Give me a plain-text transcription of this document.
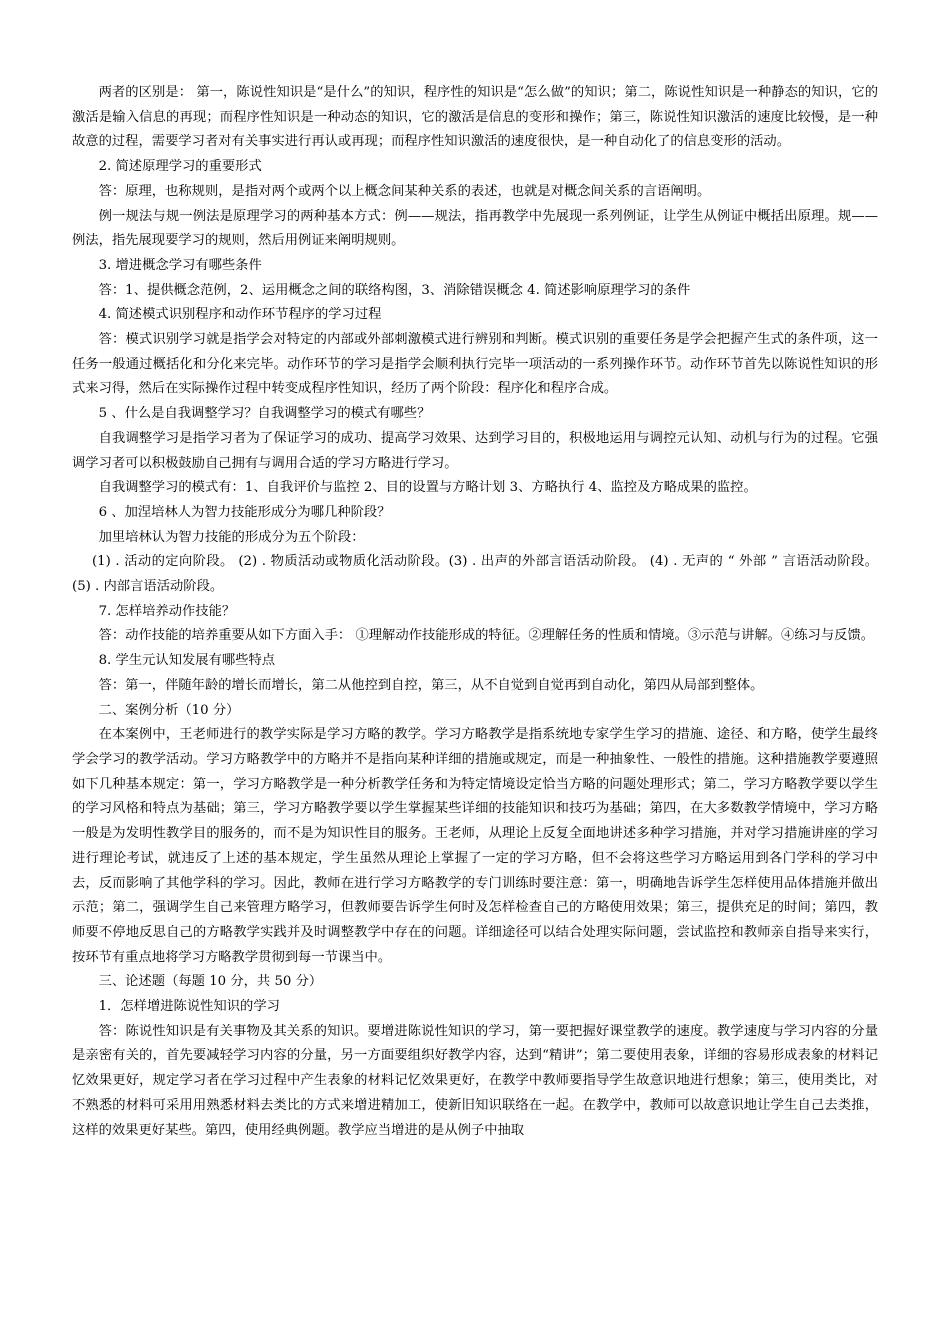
两者的区别是： 第一，陈说性知识是“是什么”的知识，程序性的知识是“怎么做”的知识；第二，陈说性知识是一种静态的知识，它的激活是输入信息的再现；而程序性知识是一种动态的知识，它的激活是信息的变形和操作；第三，陈说性知识激活的速度比较慢，是一种故意的过程，需要学习者对有关事实进行再认或再现；而程序性知识激活的速度很快，是一种自动化了的信息变形的活动。

2. 简述原理学习的重要形式

答：原理，也称规则，是指对两个或两个以上概念间某种关系的表述，也就是对概念间关系的言语阐明。

例一规法与规一例法是原理学习的两种基本方式：例——规法，指再教学中先展现一系列例证，让学生从例证中概括出原理。规——例法，指先展现要学习的规则，然后用例证来阐明规则。

3. 增进概念学习有哪些条件

答：1、提供概念范例，2、运用概念之间的联络构图，3、消除错误概念 4. 简述影响原理学习的条件

4. 简述模式识别程序和动作环节程序的学习过程

答：模式识别学习就是指学会对特定的内部或外部刺激模式进行辨别和判断。模式识别的重要任务是学会把握产生式的条件项，这一任务一般通过概括化和分化来完毕。动作环节的学习是指学会顺利执行完毕一项活动的一系列操作环节。动作环节首先以陈说性知识的形式来习得，然后在实际操作过程中转变成程序性知识，经历了两个阶段：程序化和程序合成。

5 、什么是自我调整学习？自我调整学习的模式有哪些？

自我调整学习是指学习者为了保证学习的成功、提高学习效果、达到学习目的，积极地运用与调控元认知、动机与行为的过程。它强调学习者可以积极鼓励自己拥有与调用合适的学习方略进行学习。

自我调整学习的模式有：1、自我评价与监控 2、目的设置与方略计划 3、方略执行 4、监控及方略成果的监控。

6 、加涅培林人为智力技能形成分为哪几种阶段？

加里培林认为智力技能的形成分为五个阶段：

(1) . 活动的定向阶段。 (2) . 物质活动或物质化活动阶段。(3) . 出声的外部言语活动阶段。 (4) . 无声的 “ 外部 ” 言语活动阶段。 (5) . 内部言语活动阶段。

7. 怎样培养动作技能？

答：动作技能的培养重要从如下方面入手： ①理解动作技能形成的特征。②理解任务的性质和情境。③示范与讲解。④练习与反馈。

8. 学生元认知发展有哪些特点

答：第一，伴随年龄的增长而增长，第二从他控到自控，第三，从不自觉到自觉再到自动化，第四从局部到整体。

二、案例分析（10 分）

在本案例中，王老师进行的教学实际是学习方略的教学。学习方略教学是指系统地专家学生学习的措施、途径、和方略，使学生最终学会学习的教学活动。学习方略教学中的方略并不是指向某种详细的措施或规定，而是一种抽象性、一般性的措施。这种措施教学要遵照如下几种基本规定：第一，学习方略教学是一种分析教学任务和为特定情境设定恰当方略的问题处理形式；第二，学习方略教学要以学生的学习风格和特点为基础；第三，学习方略教学要以学生掌握某些详细的技能知识和技巧为基础；第四，在大多数教学情境中，学习方略一般是为发明性教学目的服务的，而不是为知识性目的服务。王老师，从理论上反复全面地讲述多种学习措施，并对学习措施讲座的学习进行理论考试，就违反了上述的基本规定，学生虽然从理论上掌握了一定的学习方略，但不会将这些学习方略运用到各门学科的学习中去，反而影响了其他学科的学习。因此，教师在进行学习方略教学的专门训练时要注意：第一，明确地告诉学生怎样使用品体措施并做出示范；第二，强调学生自己来管理方略学习，但教师要告诉学生何时及怎样检查自己的方略使用效果；第三，提供充足的时间；第四，教师要不停地反思自己的方略教学实践并及时调整教学中存在的问题。详细途径可以结合处理实际问题，尝试监控和教师亲自指导来实行，按环节有重点地将学习方略教学贯彻到每一节课当中。

三、论述题（每题 10 分，共 50 分）

1．怎样增进陈说性知识的学习

答：陈说性知识是有关事物及其关系的知识。要增进陈说性知识的学习，第一要把握好课堂教学的速度。教学速度与学习内容的分量是亲密有关的，首先要减轻学习内容的分量，另一方面要组织好教学内容，达到“精讲”；第二要使用表象，详细的容易形成表象的材料记忆效果更好，规定学习者在学习过程中产生表象的材料记忆效果更好，在教学中教师要指导学生故意识地进行想象；第三，使用类比，对不熟悉的材料可采用用熟悉材料去类比的方式来增进精加工，使新旧知识联络在一起。在教学中，教师可以故意识地让学生自己去类推，这样的效果更好某些。第四，使用经典例题。教学应当增进的是从例子中抽取
